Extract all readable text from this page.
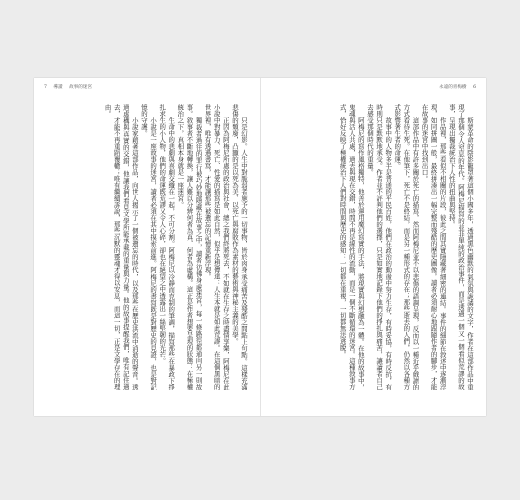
7 導讀 故事的迷宮	永遠的青梅樹 6

只是幻影。人生中對脆弱者施予的一切事物，皆於肉身承受痛苦及殘酷之間點上句點。這樣充滿悲傷的頹廢，凸顯的是以死為美、以死亡與腐敗作為素材的藝術與神秘主義的美學。

正因為阿梅尼所處的政治與社會，總之我們終將死去，不如就在生存之時盡情享樂，阿梅尼在此小說中對暴力、死亡、性愛的描寫是如此自然，似乎是想傳達：人生本就是如此荒謬。在這個黑暗的世界裡，唯有透過書寫，才能讓那些被遺忘的記憶重新浮現。

獨裁者過往的罪行被巧妙地隱藏在故事之中，讀者彷彿身處迷宮，每一條路徑都通向另一則故事。敘事者不斷地轉換，讓人難以分辨何者為真、何者為虛構。這正是作者想要呈現的狀態：在極權統治之下，真相本身就是一座迷宮。

生命中的悲劇與喜劇交織在一起，不可分割。阿梅尼以冷靜而克制的筆調，描寫那些在暴政下掙扎求生的小人物，他們的命運既荒謬又令人心碎，卻也在絕望之中透露出一絲堅韌的光芒。

小說是一座故事的迷宮，讀者必須在其中摸索前進。阿梅尼的書寫既是對歷史的見證，也是對記憶的守護。

小說家藉著這部作品，向世人揭示了一個被遺忘的時代，以及那些在歷史洪流中消逝的聲音。透過虛構與真實的交錯，他讓我們看見文學所能承載的重量與力量。他的故事提醒我們，唯有記住過去，才能不再重蹈覆轍；唯有繼續訴說，那些沉默的靈魂才得以安息，而這一切，正是文學存在的理由。

斯蒙革命的陰影籠罩著這個小國多年，透過黑色幽默的氣氛與詭譎的文字，作者在這部作品中重現了那個令人窒息的年代。阿梅尼描寫的並非單純的政治事件，而是透過一個又一個看似荒謬的故事，呈現出獨裁統治下人性的扭曲與堅持。

作品裡，那些看似不相關的片段，彼此之間其實隱藏著細密的連結。事件的細節在敘述中逐漸浮現，如同拼圖一般，最終拼湊出一幅完整而殘酷的歷史圖像。讀者必須耐心地跟隨作者的腳步，才能在故事的迷宮中找到出口。

這部作品中有許多關於死亡的描寫，然而阿梅尼並不以悲傷的語調呈現，反而以一種近乎戲謔的方式看待生死。在他筆下，死亡不是終結，而是另一種形式的存在；那些逝去的人們，仍然以各種方式影響著生者的命運。

故事中的人物多半是普通的平民百姓，他們在政治的動盪中努力生存，有時妥協，有時反抗，有時則只是默默地承受。作者並不評判他們的選擇，只是如實地記錄下他們的掙扎與痛苦，讓讀者自己去感受那個時代的重量。

阿梅尼的寫作風格獨特，他善於運用魔幻寫實的手法，將現實與幻想融為一體。在他的故事中，鬼魂與活人共處，過去與現在交錯，時間不再是線性的流動，而是一個不斷循環的迷宮。這種敘事方式，恰好反映了極權統治下人們對時間與歷史的感知：一切都在重複，一切都無法逃脫。
